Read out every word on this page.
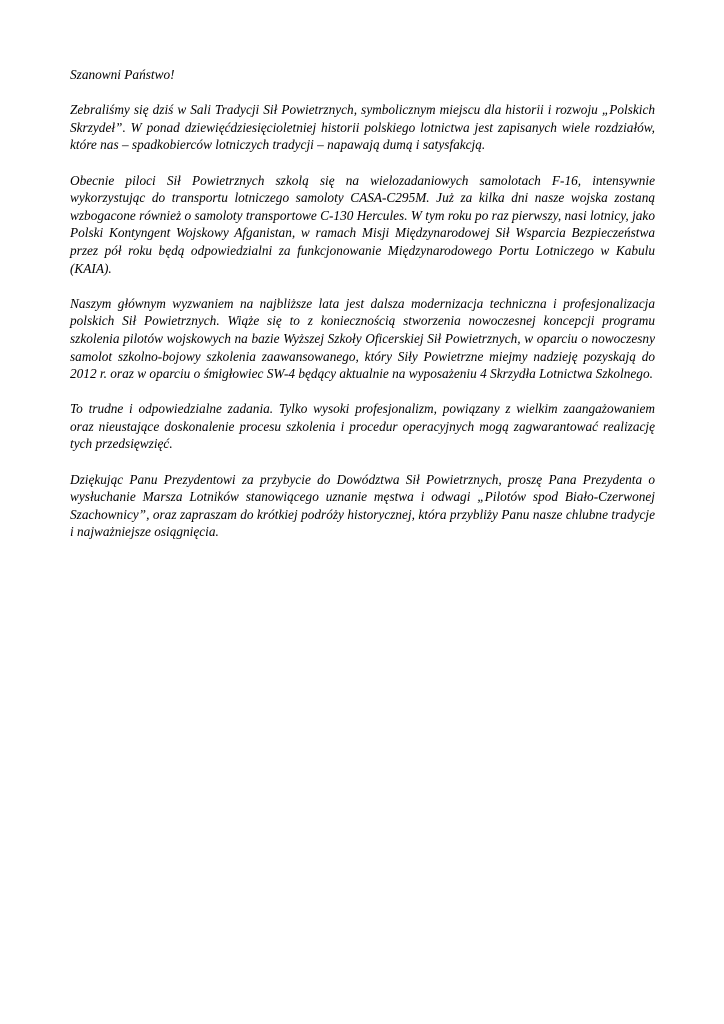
Szanowni Państwo!

Zebraliśmy się dziś w Sali Tradycji Sił Powietrznych, symbolicznym miejscu dla historii i rozwoju „Polskich Skrzydeł”. W ponad dziewięćdziesięcioletniej historii polskiego lotnictwa jest zapisanych wiele rozdziałów, które nas – spadkobierców lotniczych tradycji – napawają dumą i satysfakcją.

Obecnie piloci Sił Powietrznych szkolą się na wielozadaniowych samolotach F-16, intensywnie wykorzystując do transportu lotniczego samoloty CASA-C295M. Już za kilka dni nasze wojska zostaną wzbogacone również o samoloty transportowe C-130 Hercules. W tym roku po raz pierwszy, nasi lotnicy, jako Polski Kontyngent Wojskowy Afganistan, w ramach Misji Międzynarodowej Sił Wsparcia Bezpieczeństwa przez pół roku będą odpowiedzialni za funkcjonowanie Międzynarodowego Portu Lotniczego w Kabulu (KAIA).

Naszym głównym wyzwaniem na najbliższe lata jest dalsza modernizacja techniczna i profesjonalizacja polskich Sił Powietrznych. Wiąże się to z koniecznością stworzenia nowoczesnej koncepcji programu szkolenia pilotów wojskowych na bazie Wyższej Szkoły Oficerskiej Sił Powietrznych, w oparciu o nowoczesny samolot szkolno-bojowy szkolenia zaawansowanego, który Siły Powietrzne miejmy nadzieję pozyskają do 2012 r. oraz w oparciu o śmigłowiec SW-4 będący aktualnie na wyposażeniu 4 Skrzydła Lotnictwa Szkolnego.

To trudne i odpowiedzialne zadania. Tylko wysoki profesjonalizm, powiązany z wielkim zaangażowaniem oraz nieustające doskonalenie procesu szkolenia i procedur operacyjnych mogą zagwarantować realizację tych przedsięwzięć.

Dziękując Panu Prezydentowi za przybycie do Dowództwa Sił Powietrznych, proszę Pana Prezydenta o wysłuchanie Marsza Lotników stanowiącego uznanie męstwa i odwagi „Pilotów spod Biało-Czerwonej Szachownicy”, oraz zapraszam do krótkiej podróży historycznej, która przybliży Panu nasze chlubne tradycje i najważniejsze osiągnięcia.
